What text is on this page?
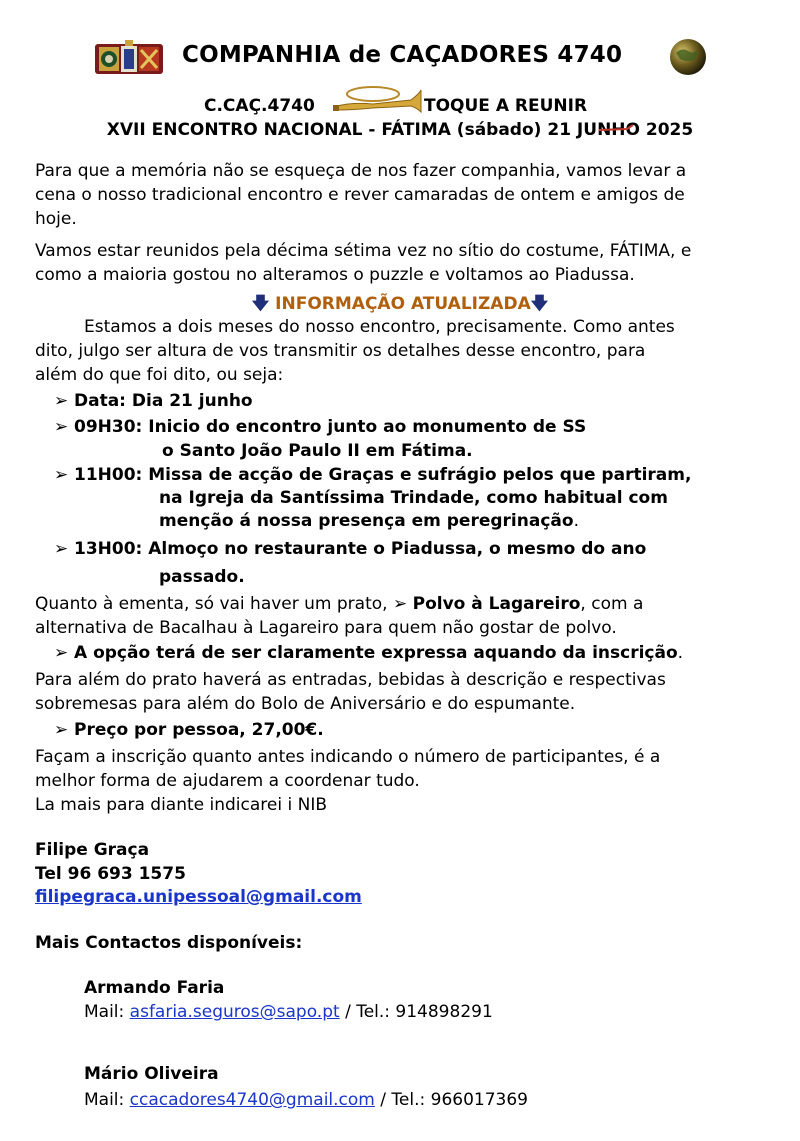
COMPANHIA de CAÇADORES 4740
C.CAÇ.4740	TOQUE A REUNIR
XVII ENCONTRO NACIONAL - FÁTIMA (sábado) 21 JUNHO 2025
Para que a memória não se esqueça de nos fazer companhia, vamos levar a
cena o nosso tradicional encontro e rever camaradas de ontem e amigos de
hoje.
Vamos estar reunidos pela décima sétima vez no sítio do costume, FÁTIMA, e
como a maioria gostou no alteramos o puzzle e voltamos ao Piadussa.
🡇 INFORMAÇÃO ATUALIZADA🡇
Estamos a dois meses do nosso encontro, precisamente. Como antes
dito, julgo ser altura de vos transmitir os detalhes desse encontro, para
além do que foi dito, ou seja:
➢ Data: Dia 21 junho
➢ 09H30: Inicio do encontro junto ao monumento de SS
o Santo João Paulo II em Fátima.
➢ 11H00: Missa de acção de Graças e sufrágio pelos que partiram,
na Igreja da Santíssima Trindade, como habitual com
menção á nossa presença em peregrinação.
➢ 13H00: Almoço no restaurante o Piadussa, o mesmo do ano
passado.
Quanto à ementa, só vai haver um prato, ➢ Polvo à Lagareiro, com a
alternativa de Bacalhau à Lagareiro para quem não gostar de polvo.
➢ A opção terá de ser claramente expressa aquando da inscrição.
Para além do prato haverá as entradas, bebidas à descrição e respectivas
sobremesas para além do Bolo de Aniversário e do espumante.
➢ Preço por pessoa, 27,00€.
Façam a inscrição quanto antes indicando o número de participantes, é a
melhor forma de ajudarem a coordenar tudo.
La mais para diante indicarei i NIB
Filipe Graça
Tel 96 693 1575
filipegraca.unipessoal@gmail.com
Mais Contactos disponíveis:
Armando Faria
Mail: asfaria.seguros@sapo.pt / Tel.: 914898291
Mário Oliveira
Mail: ccacadores4740@gmail.com / Tel.: 966017369
